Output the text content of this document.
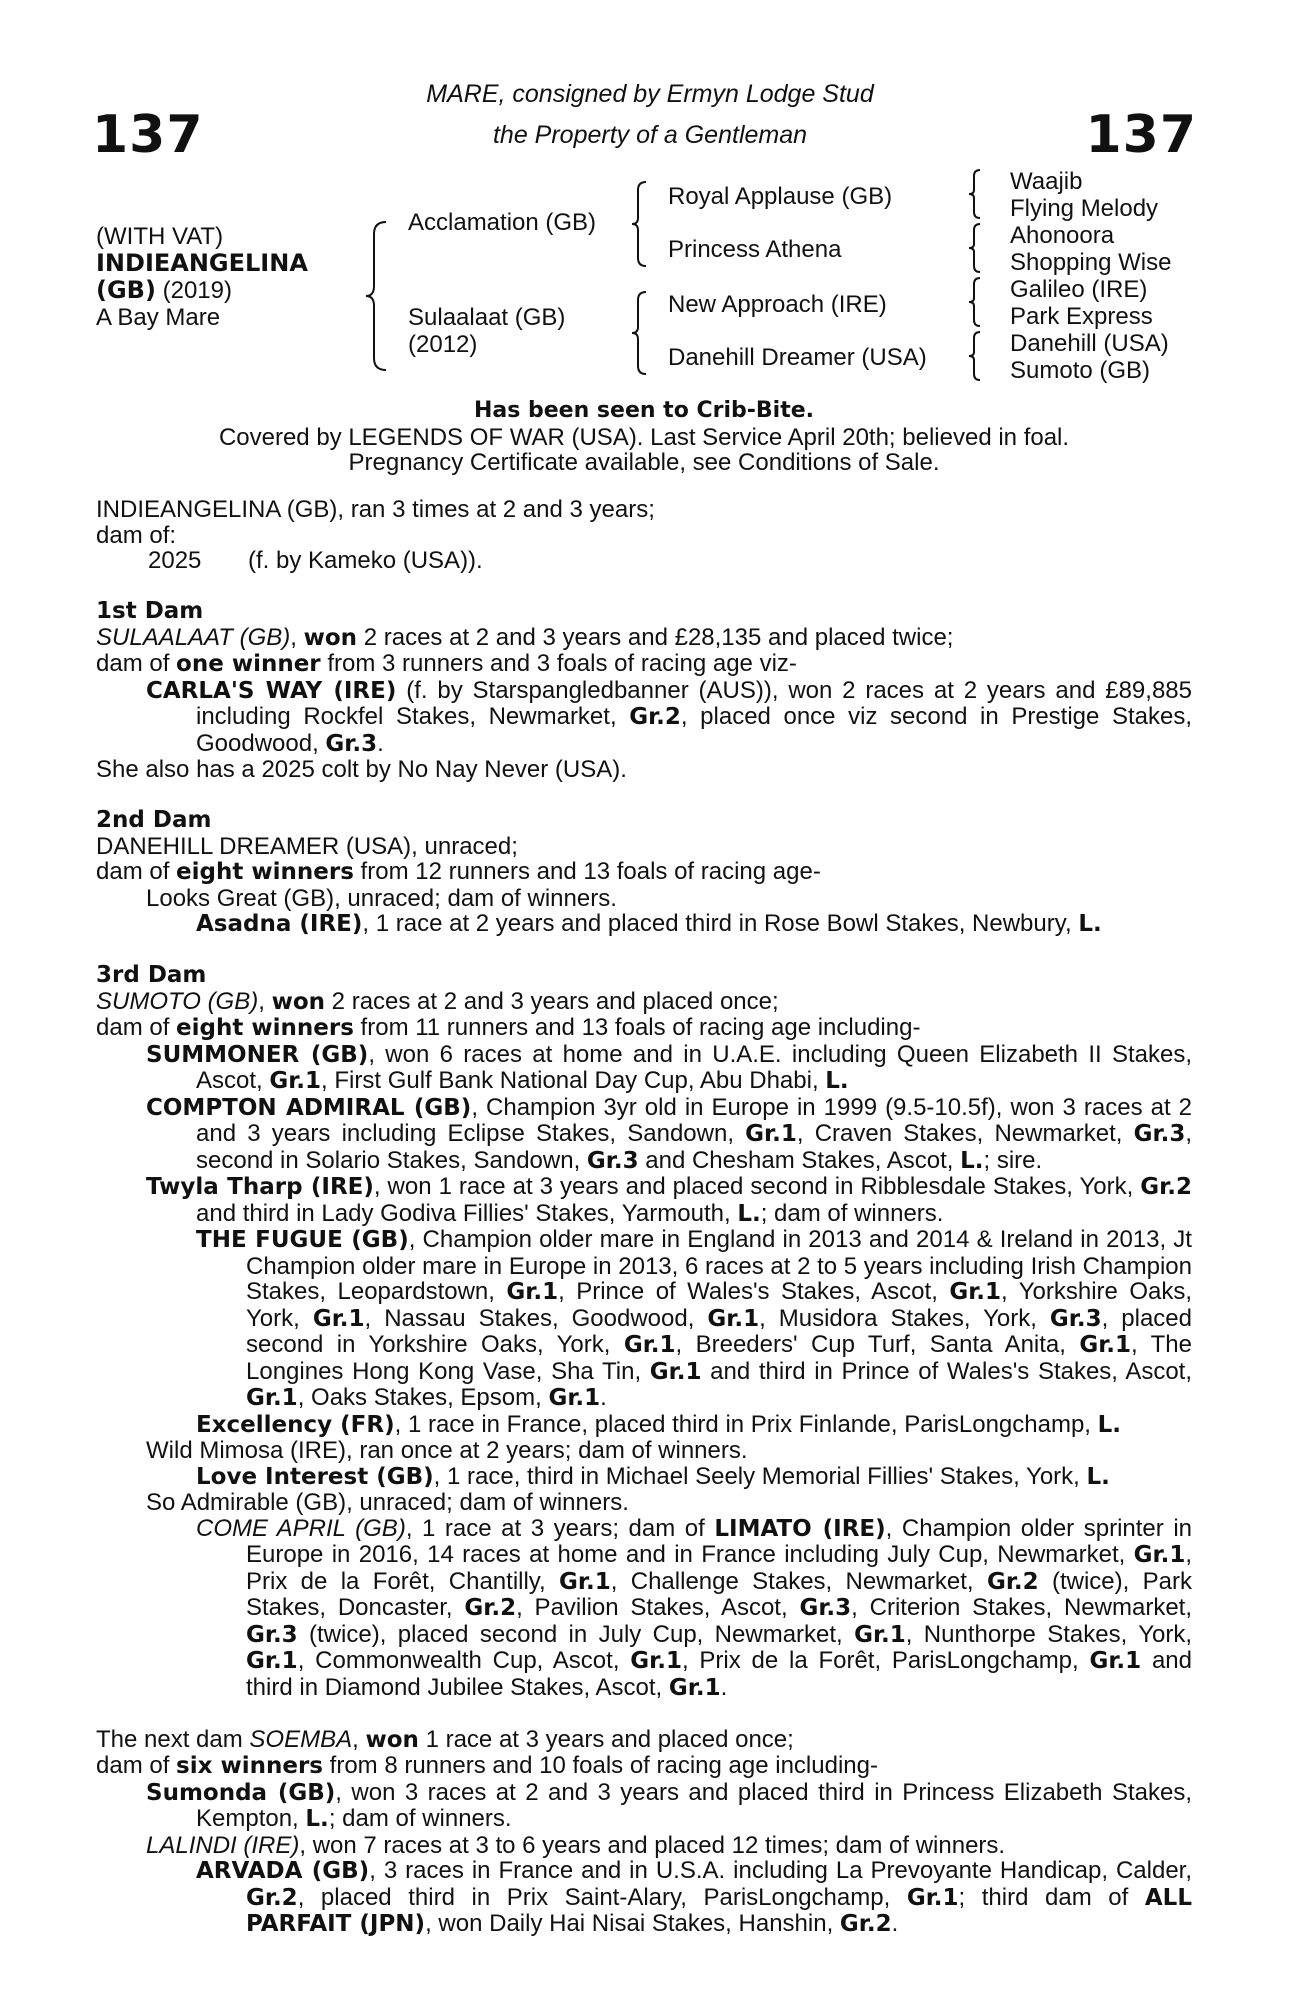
137	137
MARE, consigned by Ermyn Lodge Stud
the Property of a Gentleman
(WITH VAT)
INDIEANGELINA
(GB) (2019)
A Bay Mare
Acclamation (GB)
Sulaalaat (GB)
(2012)
Royal Applause (GB)
Princess Athena
New Approach (IRE)
Danehill Dreamer (USA)
Waajib
Flying Melody
Ahonoora
Shopping Wise
Galileo (IRE)
Park Express
Danehill (USA)
Sumoto (GB)
Has been seen to Crib-Bite.
Covered by LEGENDS OF WAR (USA). Last Service April 20th; believed in foal.
Pregnancy Certificate available, see Conditions of Sale.

INDIEANGELINA (GB), ran 3 times at 2 and 3 years;

dam of:

2025 (f. by Kameko (USA)).

1st Dam

SULAALAAT (GB), won 2 races at 2 and 3 years and £28,135 and placed twice;

dam of one winner from 3 runners and 3 foals of racing age viz-

CARLA'S WAY (IRE) (f. by Starspangledbanner (AUS)), won 2 races at 2 years and £89,885 including Rockfel Stakes, Newmarket, Gr.2, placed once viz second in Prestige Stakes, Goodwood, Gr.3.

She also has a 2025 colt by No Nay Never (USA).

2nd Dam

DANEHILL DREAMER (USA), unraced;

dam of eight winners from 12 runners and 13 foals of racing age-

Looks Great (GB), unraced; dam of winners.

Asadna (IRE), 1 race at 2 years and placed third in Rose Bowl Stakes, Newbury, L.

3rd Dam

SUMOTO (GB), won 2 races at 2 and 3 years and placed once;

dam of eight winners from 11 runners and 13 foals of racing age including-

SUMMONER (GB), won 6 races at home and in U.A.E. including Queen Elizabeth II Stakes, Ascot, Gr.1, First Gulf Bank National Day Cup, Abu Dhabi, L.

COMPTON ADMIRAL (GB), Champion 3yr old in Europe in 1999 (9.5-10.5f), won 3 races at 2 and 3 years including Eclipse Stakes, Sandown, Gr.1, Craven Stakes, Newmarket, Gr.3, second in Solario Stakes, Sandown, Gr.3 and Chesham Stakes, Ascot, L.; sire.

Twyla Tharp (IRE), won 1 race at 3 years and placed second in Ribblesdale Stakes, York, Gr.2 and third in Lady Godiva Fillies' Stakes, Yarmouth, L.; dam of winners.

THE FUGUE (GB), Champion older mare in England in 2013 and 2014 & Ireland in 2013, Jt Champion older mare in Europe in 2013, 6 races at 2 to 5 years including Irish Champion Stakes, Leopardstown, Gr.1, Prince of Wales's Stakes, Ascot, Gr.1, Yorkshire Oaks, York, Gr.1, Nassau Stakes, Goodwood, Gr.1, Musidora Stakes, York, Gr.3, placed second in Yorkshire Oaks, York, Gr.1, Breeders' Cup Turf, Santa Anita, Gr.1, The Longines Hong Kong Vase, Sha Tin, Gr.1 and third in Prince of Wales's Stakes, Ascot, Gr.1, Oaks Stakes, Epsom, Gr.1.

Excellency (FR), 1 race in France, placed third in Prix Finlande, ParisLongchamp, L.

Wild Mimosa (IRE), ran once at 2 years; dam of winners.

Love Interest (GB), 1 race, third in Michael Seely Memorial Fillies' Stakes, York, L.

So Admirable (GB), unraced; dam of winners.

COME APRIL (GB), 1 race at 3 years; dam of LIMATO (IRE), Champion older sprinter in Europe in 2016, 14 races at home and in France including July Cup, Newmarket, Gr.1, Prix de la Forêt, Chantilly, Gr.1, Challenge Stakes, Newmarket, Gr.2 (twice), Park Stakes, Doncaster, Gr.2, Pavilion Stakes, Ascot, Gr.3, Criterion Stakes, Newmarket, Gr.3 (twice), placed second in July Cup, Newmarket, Gr.1, Nunthorpe Stakes, York, Gr.1, Commonwealth Cup, Ascot, Gr.1, Prix de la Forêt, ParisLongchamp, Gr.1 and third in Diamond Jubilee Stakes, Ascot, Gr.1.

The next dam SOEMBA, won 1 race at 3 years and placed once;

dam of six winners from 8 runners and 10 foals of racing age including-

Sumonda (GB), won 3 races at 2 and 3 years and placed third in Princess Elizabeth Stakes, Kempton, L.; dam of winners.

LALINDI (IRE), won 7 races at 3 to 6 years and placed 12 times; dam of winners.

ARVADA (GB), 3 races in France and in U.S.A. including La Prevoyante Handicap, Calder, Gr.2, placed third in Prix Saint-Alary, ParisLongchamp, Gr.1; third dam of ALL PARFAIT (JPN), won Daily Hai Nisai Stakes, Hanshin, Gr.2.
